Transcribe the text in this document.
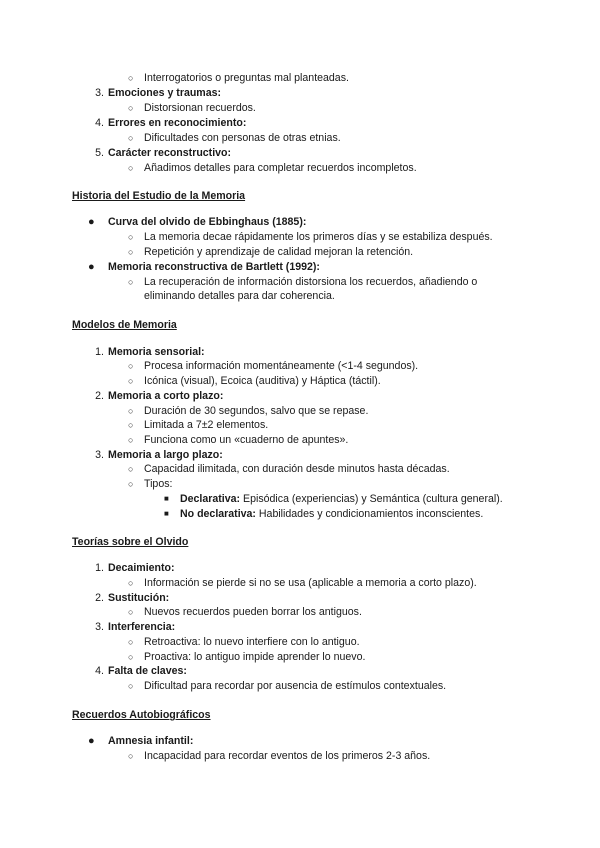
○ Interrogatorios o preguntas mal planteadas.
3. Emociones y traumas:
○ Distorsionan recuerdos.
4. Errores en reconocimiento:
○ Dificultades con personas de otras etnias.
5. Carácter reconstructivo:
○ Añadimos detalles para completar recuerdos incompletos.
Historia del Estudio de la Memoria
● Curva del olvido de Ebbinghaus (1885):
○ La memoria decae rápidamente los primeros días y se estabiliza después.
○ Repetición y aprendizaje de calidad mejoran la retención.
● Memoria reconstructiva de Bartlett (1992):
○ La recuperación de información distorsiona los recuerdos, añadiendo o
eliminando detalles para dar coherencia.
Modelos de Memoria
1. Memoria sensorial:
○ Procesa información momentáneamente (<1-4 segundos).
○ Icónica (visual), Ecoica (auditiva) y Háptica (táctil).
2. Memoria a corto plazo:
○ Duración de 30 segundos, salvo que se repase.
○ Limitada a 7±2 elementos.
○ Funciona como un «cuaderno de apuntes».
3. Memoria a largo plazo:
○ Capacidad ilimitada, con duración desde minutos hasta décadas.
○ Tipos:
■ Declarativa: Episódica (experiencias) y Semántica (cultura general).
■ No declarativa: Habilidades y condicionamientos inconscientes.
Teorías sobre el Olvido
1. Decaimiento:
○ Información se pierde si no se usa (aplicable a memoria a corto plazo).
2. Sustitución:
○ Nuevos recuerdos pueden borrar los antiguos.
3. Interferencia:
○ Retroactiva: lo nuevo interfiere con lo antiguo.
○ Proactiva: lo antiguo impide aprender lo nuevo.
4. Falta de claves:
○ Dificultad para recordar por ausencia de estímulos contextuales.
Recuerdos Autobiográficos
● Amnesia infantil:
○ Incapacidad para recordar eventos de los primeros 2-3 años.
